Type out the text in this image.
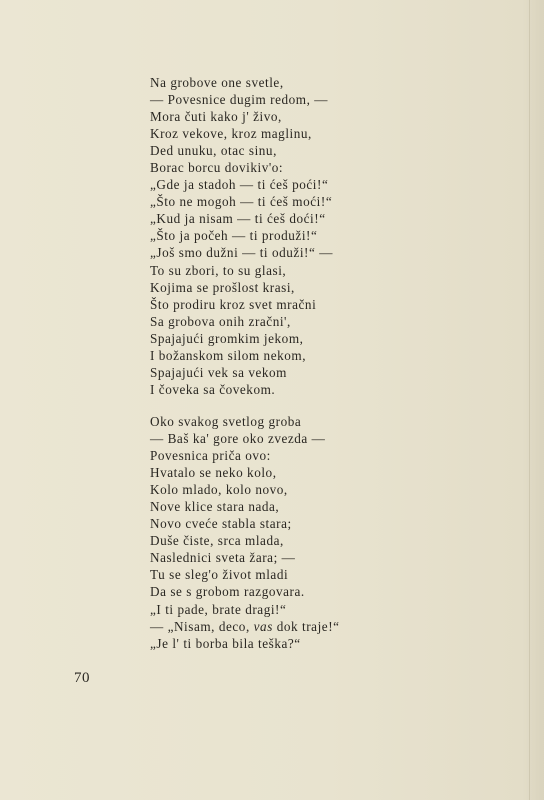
Na grobove one svetle,
— Povesnice dugim redom, —
Mora čuti kako j' živo,
Kroz vekove, kroz maglinu,
Ded unuku, otac sinu,
Borac borcu dovikiv'o:
„Gde ja stadoh — ti ćeš poći!“
„Što ne mogoh — ti ćeš moći!“
„Kud ja nisam — ti ćeš doći!“
„Što ja počeh — ti produži!“
„Još smo dužni — ti oduži!“ —
To su zbori, to su glasi,
Kojima se prošlost krasi,
Što prodiru kroz svet mračni
Sa grobova onih zračni',
Spajajući gromkim jekom,
I božanskom silom nekom,
Spajajući vek sa vekom
I čoveka sa čovekom.
Oko svakog svetlog groba
— Baš ka' gore oko zvezda —
Povesnica priča ovo:
Hvatalo se neko kolo,
Kolo mlado, kolo novo,
Nove klice stara nada,
Novo cveće stabla stara;
Duše čiste, srca mlada,
Naslednici sveta žara; —
Tu se sleg'o život mladi
Da se s grobom razgovara.
„I ti pade, brate dragi!“
— „Nisam, deco, vas dok traje!“
„Je l' ti borba bila teška?“
70
